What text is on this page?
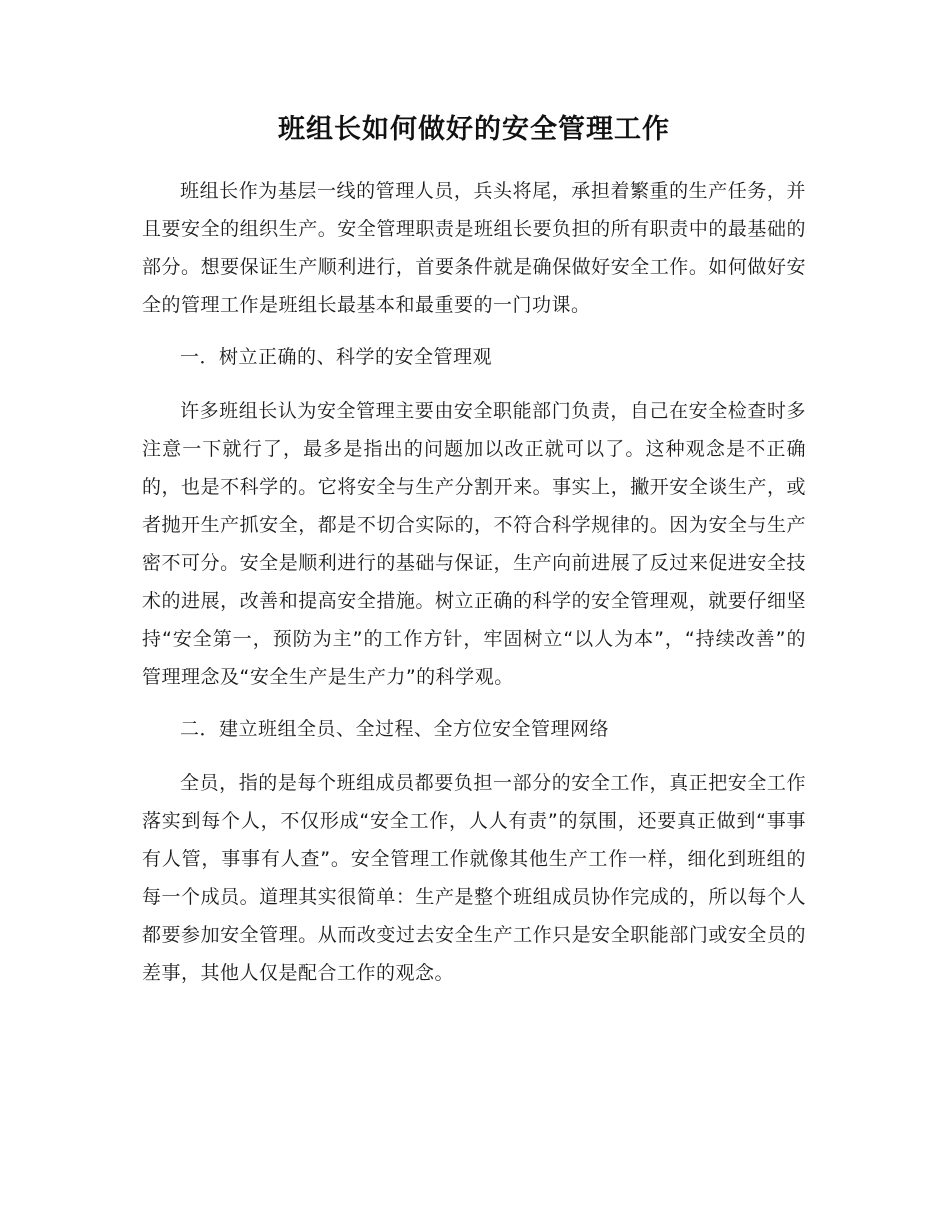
班组长如何做好的安全管理工作

班组长作为基层一线的管理人员，兵头将尾，承担着繁重的生产任务，并且要安全的组织生产。安全管理职责是班组长要负担的所有职责中的最基础的部分。想要保证生产顺利进行，首要条件就是确保做好安全工作。如何做好安全的管理工作是班组长最基本和最重要的一门功课。

一．树立正确的、科学的安全管理观

许多班组长认为安全管理主要由安全职能部门负责，自己在安全检查时多注意一下就行了，最多是指出的问题加以改正就可以了。这种观念是不正确的，也是不科学的。它将安全与生产分割开来。事实上，撇开安全谈生产，或者抛开生产抓安全，都是不切合实际的，不符合科学规律的。因为安全与生产密不可分。安全是顺利进行的基础与保证，生产向前进展了反过来促进安全技术的进展，改善和提高安全措施。树立正确的科学的安全管理观，就要仔细坚持“安全第一，预防为主”的工作方针，牢固树立“以人为本”，“持续改善”的管理理念及“安全生产是生产力”的科学观。

二．建立班组全员、全过程、全方位安全管理网络

全员，指的是每个班组成员都要负担一部分的安全工作，真正把安全工作落实到每个人，不仅形成“安全工作，人人有责”的氛围，还要真正做到“事事有人管，事事有人查”。安全管理工作就像其他生产工作一样，细化到班组的每一个成员。道理其实很简单：生产是整个班组成员协作完成的，所以每个人都要参加安全管理。从而改变过去安全生产工作只是安全职能部门或安全员的差事，其他人仅是配合工作的观念。
